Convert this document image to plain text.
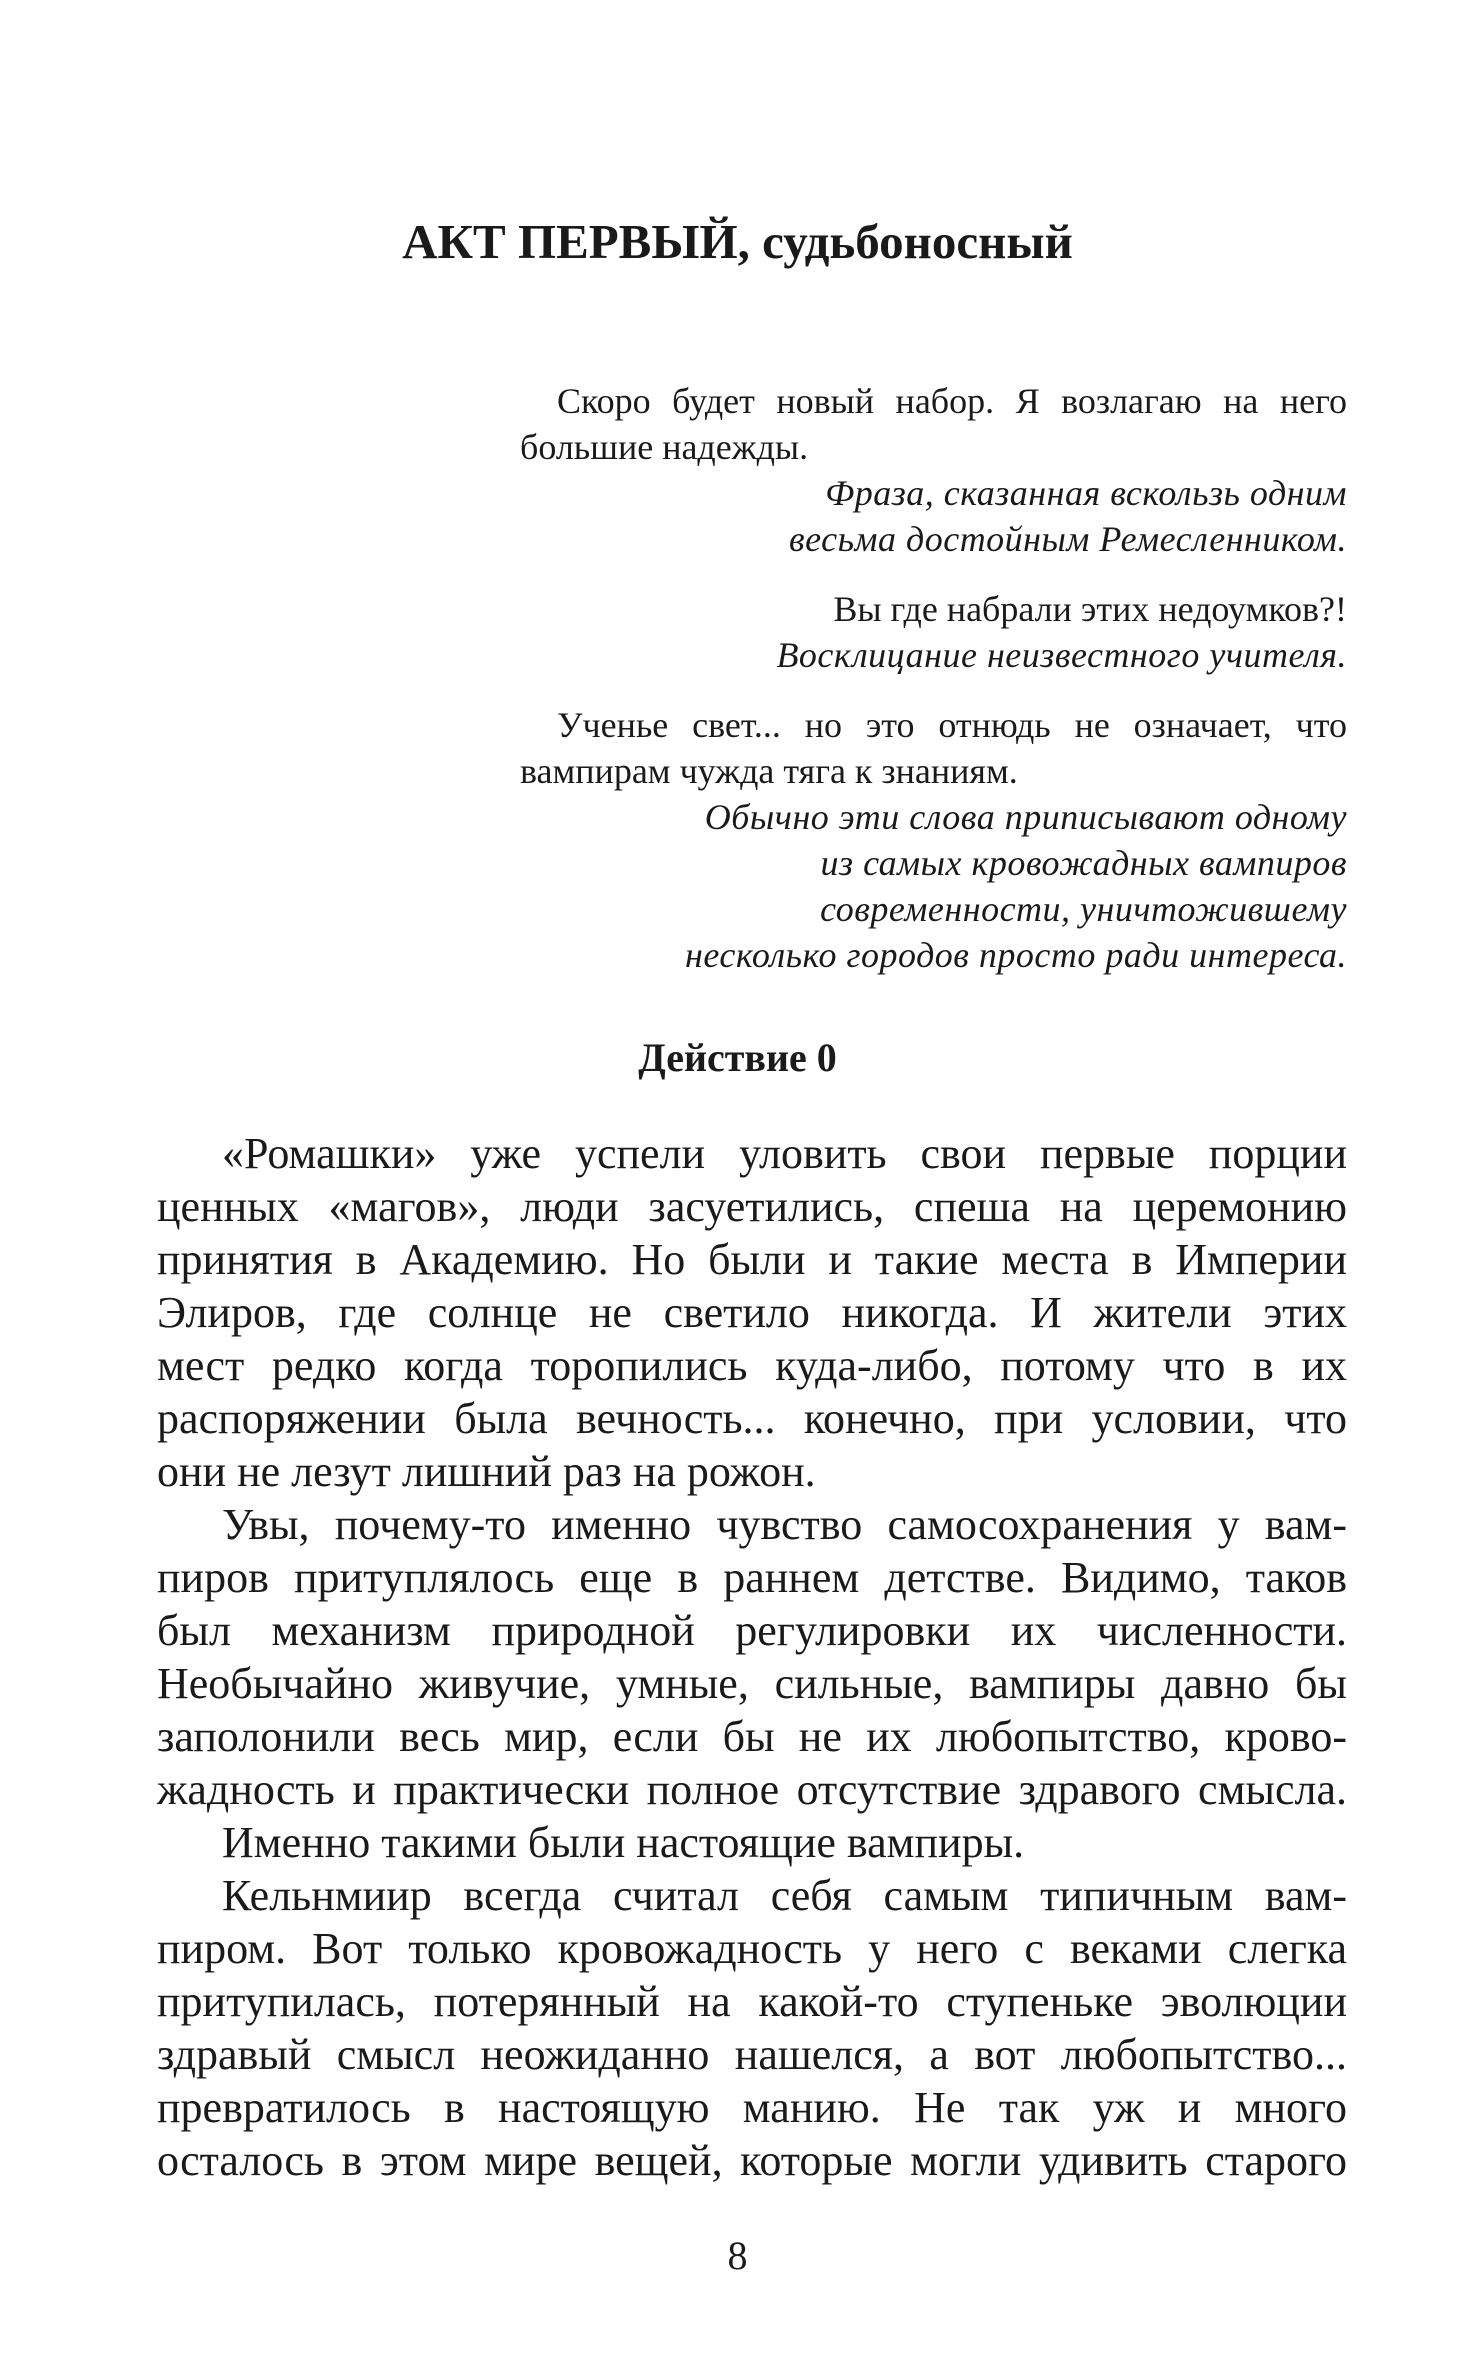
АКТ ПЕРВЫЙ, судьбоносный

Скоро будет новый набор. Я возлагаю на него
большие надежды.

Фраза, сказанная вскользь одним
весьма достойным Ремесленником.

Вы где набрали этих недоумков?!

Восклицание неизвестного учителя.

Ученье свет... но это отнюдь не означает, что
вампирам чужда тяга к знаниям.

Обычно эти слова приписывают одному
из самых кровожадных вампиров
современности, уничтожившему
несколько городов просто ради интереса.

Действие 0

«Ромашки» уже успели уловить свои первые порции
ценных «магов», люди засуетились, спеша на церемонию
принятия в Академию. Но были и такие места в Империи
Элиров, где солнце не светило никогда. И жители этих
мест редко когда торопились куда-либо, потому что в их
распоряжении была вечность... конечно, при условии, что
они не лезут лишний раз на рожон.

Увы, почему-то именно чувство самосохранения у вам-
пиров притуплялось еще в раннем детстве. Видимо, таков
был механизм природной регулировки их численности.
Необычайно живучие, умные, сильные, вампиры давно бы
заполонили весь мир, если бы не их любопытство, крово-
жадность и практически полное отсутствие здравого смысла.

Именно такими были настоящие вампиры.

Кельнмиир всегда считал себя самым типичным вам-
пиром. Вот только кровожадность у него с веками слегка
притупилась, потерянный на какой-то ступеньке эволюции
здравый смысл неожиданно нашелся, а вот любопытство...
превратилось в настоящую манию. Не так уж и много
осталось в этом мире вещей, которые могли удивить старого

8
